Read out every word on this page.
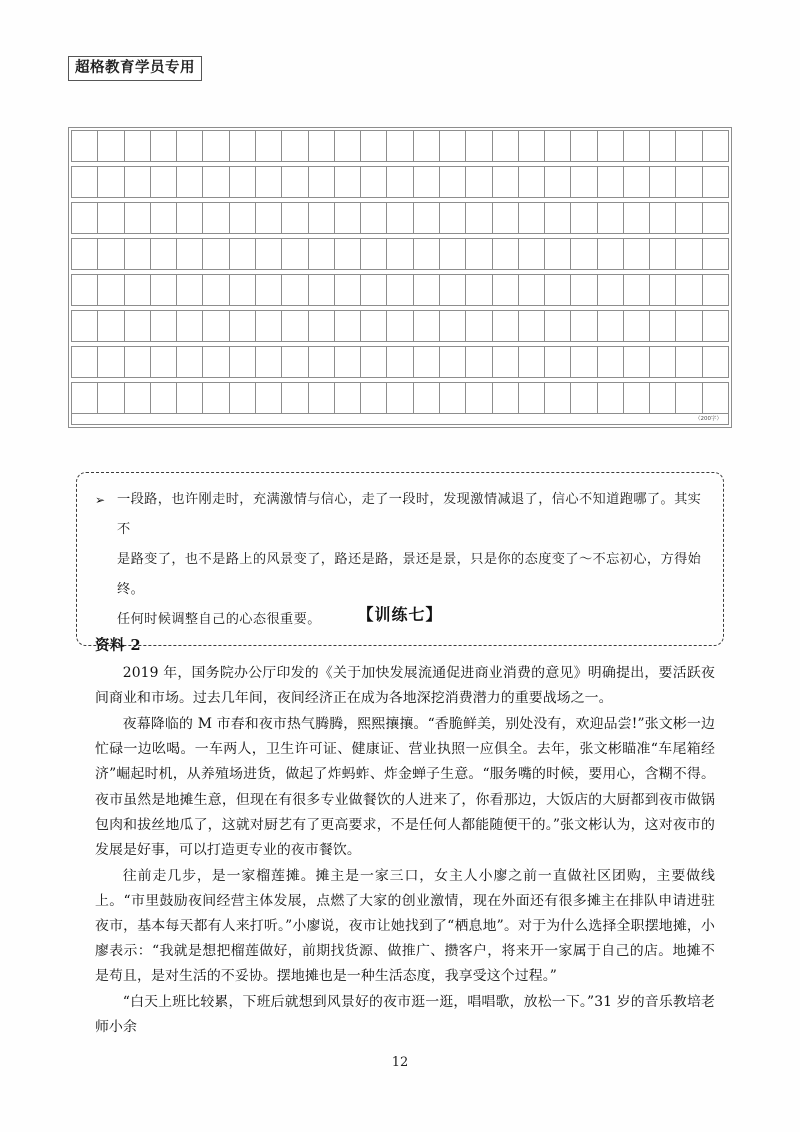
超格教育学员专用
（200字）
➢ 一段路，也许刚走时，充满激情与信心，走了一段时，发现激情减退了，信心不知道跑哪了。其实不
是路变了，也不是路上的风景变了，路还是路，景还是景，只是你的态度变了～不忘初心，方得始终。
任何时候调整自己的心态很重要。	【训练七】
资料 2

2019 年，国务院办公厅印发的《关于加快发展流通促进商业消费的意见》明确提出，要活跃夜间商业和市场。过去几年间，夜间经济正在成为各地深挖消费潜力的重要战场之一。

夜幕降临的 M 市春和夜市热气腾腾，熙熙攘攘。“香脆鲜美，别处没有，欢迎品尝!”张文彬一边忙碌一边吆喝。一车两人，卫生许可证、健康证、营业执照一应俱全。去年，张文彬瞄准“车尾箱经济”崛起时机，从养殖场进货，做起了炸蚂蚱、炸金蝉子生意。“服务嘴的时候，要用心，含糊不得。夜市虽然是地摊生意，但现在有很多专业做餐饮的人进来了，你看那边，大饭店的大厨都到夜市做锅包肉和拔丝地瓜了，这就对厨艺有了更高要求，不是任何人都能随便干的。”张文彬认为，这对夜市的发展是好事，可以打造更专业的夜市餐饮。

往前走几步，是一家榴莲摊。摊主是一家三口，女主人小廖之前一直做社区团购，主要做线上。“市里鼓励夜间经营主体发展，点燃了大家的创业激情，现在外面还有很多摊主在排队申请进驻夜市，基本每天都有人来打听。”小廖说，夜市让她找到了“栖息地”。对于为什么选择全职摆地摊，小廖表示：“我就是想把榴莲做好，前期找货源、做推广、攒客户，将来开一家属于自己的店。地摊不是苟且，是对生活的不妥协。摆地摊也是一种生活态度，我享受这个过程。”

“白天上班比较累，下班后就想到风景好的夜市逛一逛，唱唱歌，放松一下。”31 岁的音乐教培老师小余

12
